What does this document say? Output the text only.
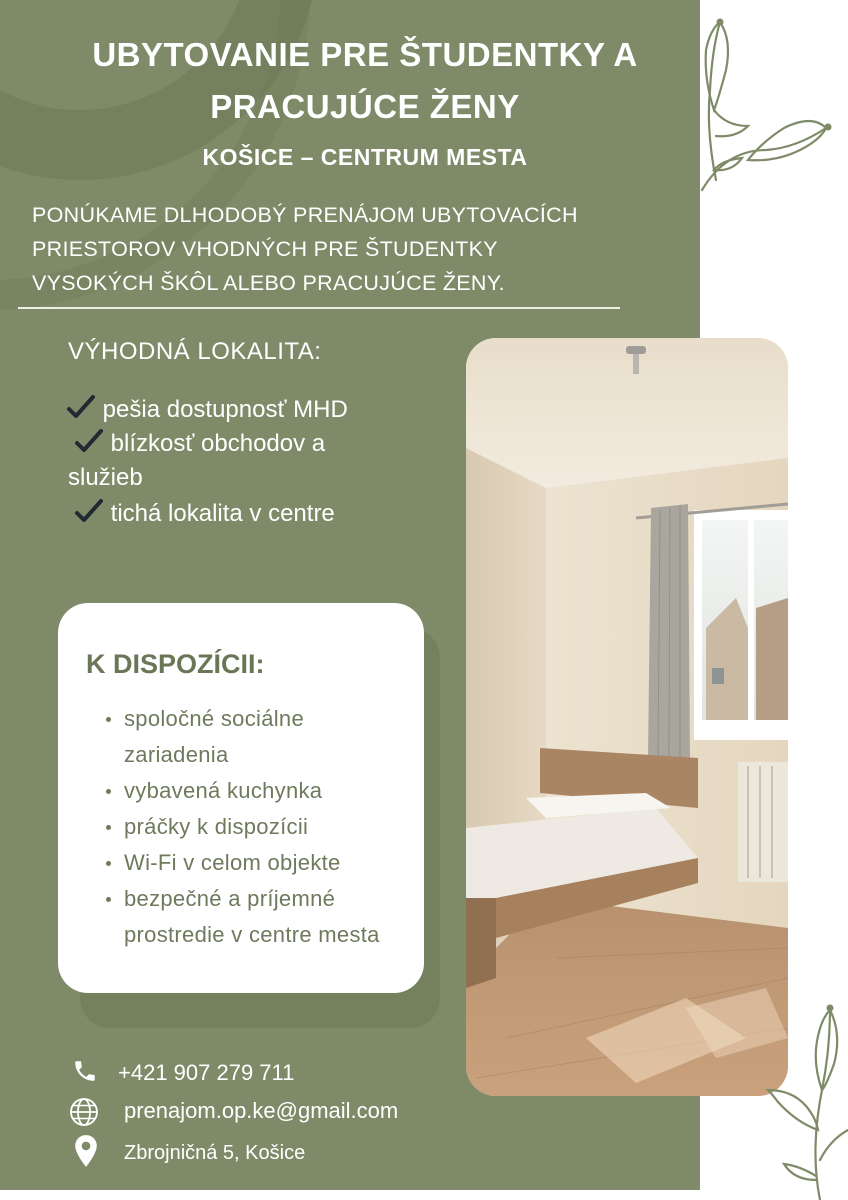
UBYTOVANIE PRE ŠTUDENTKY A
PRACUJÚCE ŽENY
KOŠICE – CENTRUM MESTA
PONÚKAME DLHODOBÝ PRENÁJOM UBYTOVACÍCH
PRIESTOROV VHODNÝCH PRE ŠTUDENTKY
VYSOKÝCH ŠKÔL ALEBO PRACUJÚCE ŽENY.
VÝHODNÁ LOKALITA:
pešia dostupnosť MHD
blízkosť obchodov a
služieb
tichá lokalita v centre
K DISPOZÍCII:
spoločné sociálne zariadenia
vybavená kuchynka
práčky k dispozícii
Wi-Fi v celom objekte
bezpečné a príjemné prostredie v centre mesta
+421 907 279 711
prenajom.op.ke@gmail.com
Zbrojničná 5, Košice
